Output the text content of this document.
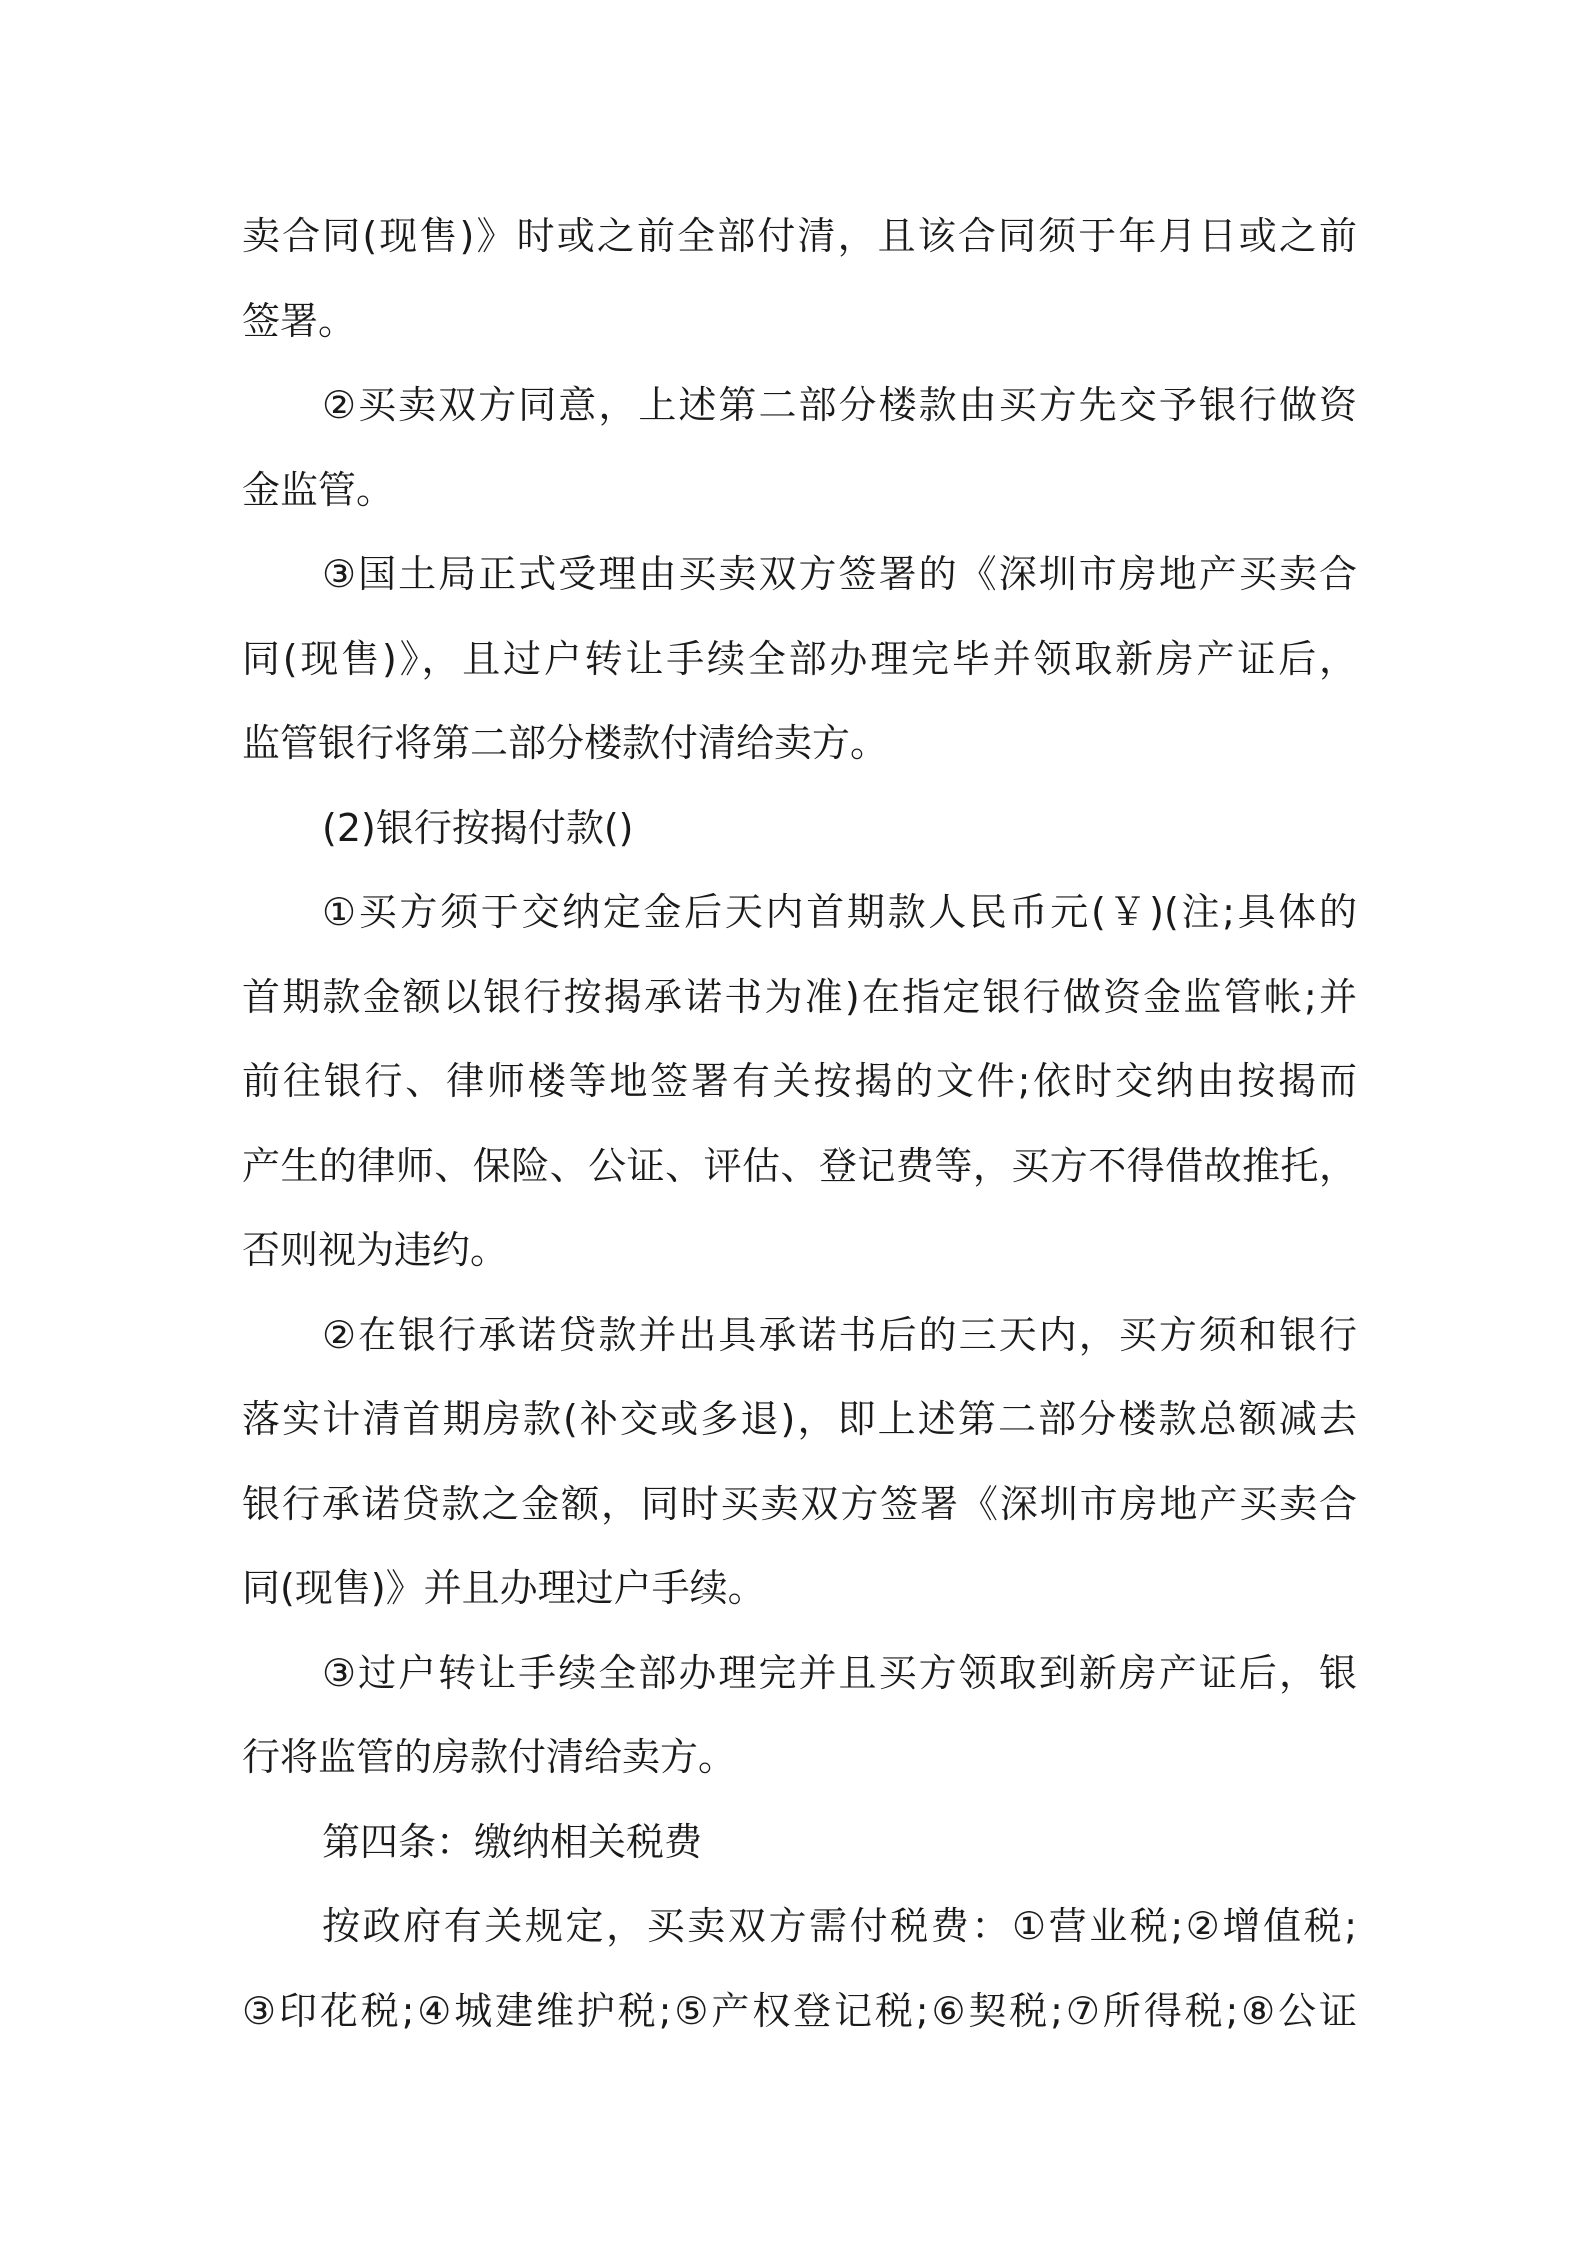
卖合同(现售)》时或之前全部付清，且该合同须于年月日或之前
签署。
②买卖双方同意，上述第二部分楼款由买方先交予银行做资
金监管。
③国土局正式受理由买卖双方签署的《深圳市房地产买卖合
同(现售)》，且过户转让手续全部办理完毕并领取新房产证后，
监管银行将第二部分楼款付清给卖方。
(2)银行按揭付款()
①买方须于交纳定金后天内首期款人民币元(￥)(注;具体的
首期款金额以银行按揭承诺书为准)在指定银行做资金监管帐;并
前往银行、律师楼等地签署有关按揭的文件;依时交纳由按揭而
产生的律师、保险、公证、评估、登记费等，买方不得借故推托，
否则视为违约。
②在银行承诺贷款并出具承诺书后的三天内，买方须和银行
落实计清首期房款(补交或多退)，即上述第二部分楼款总额减去
银行承诺贷款之金额，同时买卖双方签署《深圳市房地产买卖合
同(现售)》并且办理过户手续。
③过户转让手续全部办理完并且买方领取到新房产证后，银
行将监管的房款付清给卖方。
第四条：缴纳相关税费
按政府有关规定，买卖双方需付税费：①营业税;②增值税;
③印花税;④城建维护税;⑤产权登记税;⑥契税;⑦所得税;⑧公证
